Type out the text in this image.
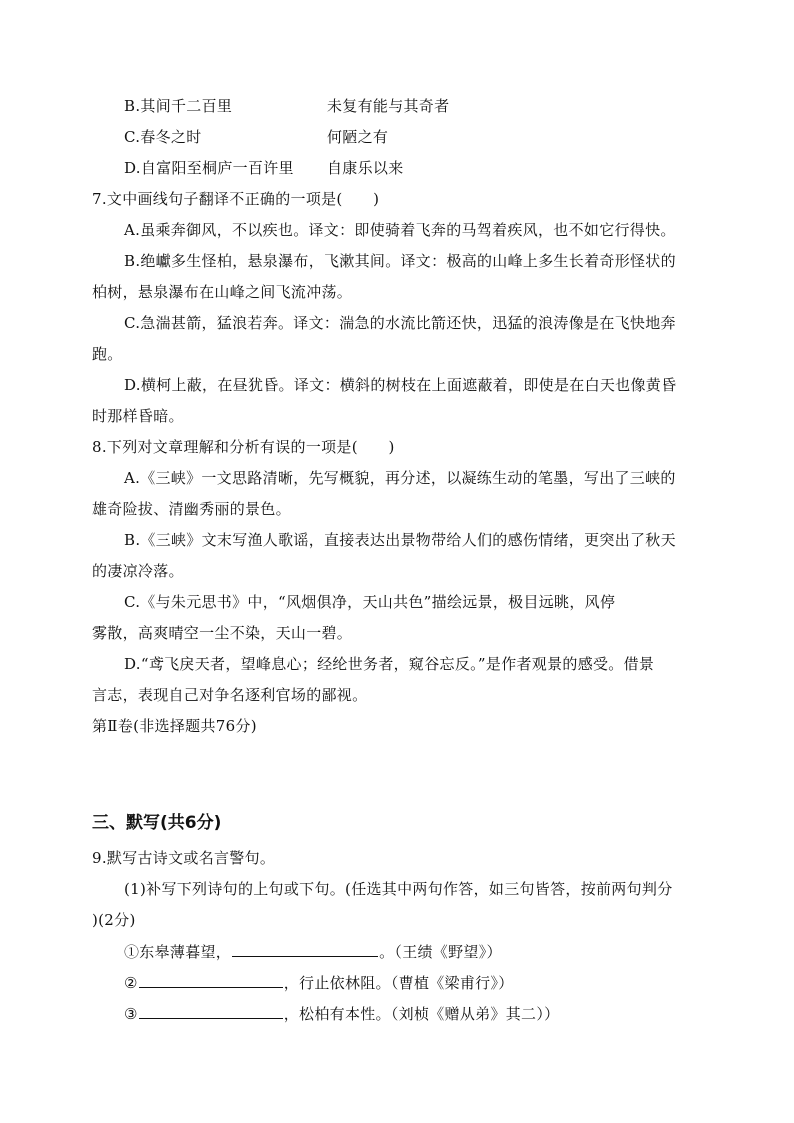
B.其间千二百里	未复有能与其奇者
C.春冬之时	何陋之有
D.自富阳至桐庐一百许里 自康乐以来
7.文中画线句子翻译不正确的一项是(　　)
A.虽乘奔御风，不以疾也。译文：即使骑着飞奔的马驾着疾风，也不如它行得快。
B.绝巘多生怪柏，悬泉瀑布，飞漱其间。译文：极高的山峰上多生长着奇形怪状的
柏树，悬泉瀑布在山峰之间飞流冲荡。
C.急湍甚箭，猛浪若奔。译文：湍急的水流比箭还快，迅猛的浪涛像是在飞快地奔
跑。
D.横柯上蔽，在昼犹昏。译文：横斜的树枝在上面遮蔽着，即使是在白天也像黄昏
时那样昏暗。
8.下列对文章理解和分析有误的一项是(　　)
A.《三峡》一文思路清晰，先写概貌，再分述，以凝练生动的笔墨，写出了三峡的
雄奇险拔、清幽秀丽的景色。
B.《三峡》文末写渔人歌谣，直接表达出景物带给人们的感伤情绪，更突出了秋天
的凄凉冷落。
C.《与朱元思书》中，“风烟俱净，天山共色”描绘远景，极目远眺，风停
雾散，高爽晴空一尘不染，天山一碧。
D.“鸢飞戾天者，望峰息心；经纶世务者，窥谷忘反。”是作者观景的感受。借景
言志，表现自己对争名逐利官场的鄙视。
第Ⅱ卷(非选择题共76分)
三、默写(共6分)
9.默写古诗文或名言警句。
(1)补写下列诗句的上句或下句。(任选其中两句作答，如三句皆答，按前两句判分
)(2分)
①东皋薄暮望，	。（王绩《野望》）
②	，行止依林阻。（曹植《梁甫行》）
③	，松柏有本性。（刘桢《赠从弟》其二））
